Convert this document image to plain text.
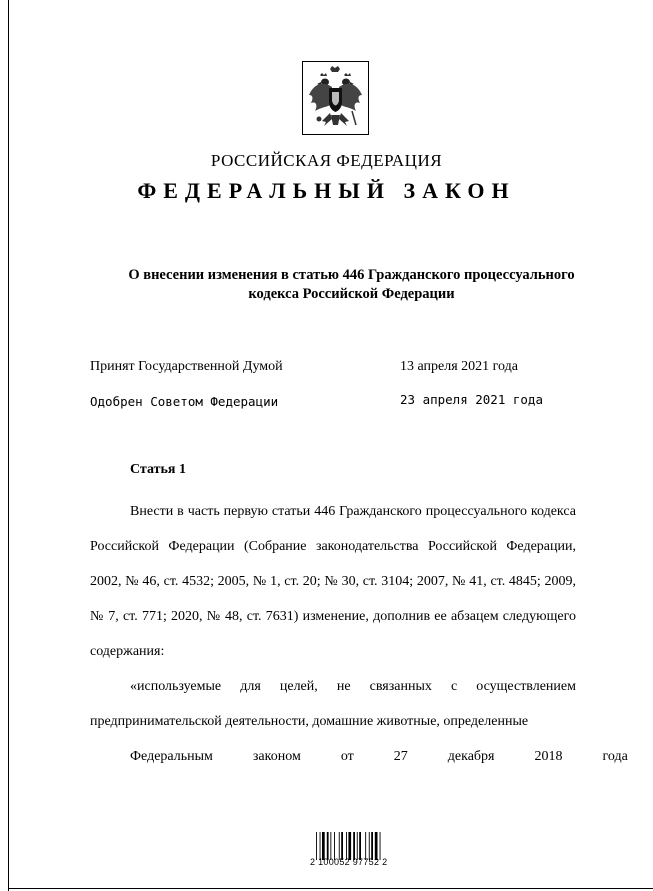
РОССИЙСКАЯ ФЕДЕРАЦИЯ
ФЕДЕРАЛЬНЫЙ ЗАКОН
О внесении изменения в статью 446 Гражданского процессуального кодекса Российской Федерации
Принят Государственной Думой	13 апреля 2021 года
Одобрен Советом Федерации	23 апреля 2021 года
Статья 1

Внести в часть первую статьи 446 Гражданского процессуального кодекса Российской Федерации (Собрание законодательства Российской Федерации, 2002, № 46, ст. 4532; 2005, № 1, ст. 20; № 30, ст. 3104; 2007, № 41, ст. 4845; 2009, № 7, ст. 771; 2020, № 48, ст. 7631) изменение, дополнив ее абзацем следующего содержания:

«используемые для целей, не связанных с осуществлением предпринимательской деятельности, домашние животные, определенные

Федеральным	законом	от	27	декабря	2018	года

2 100052 97752 2
